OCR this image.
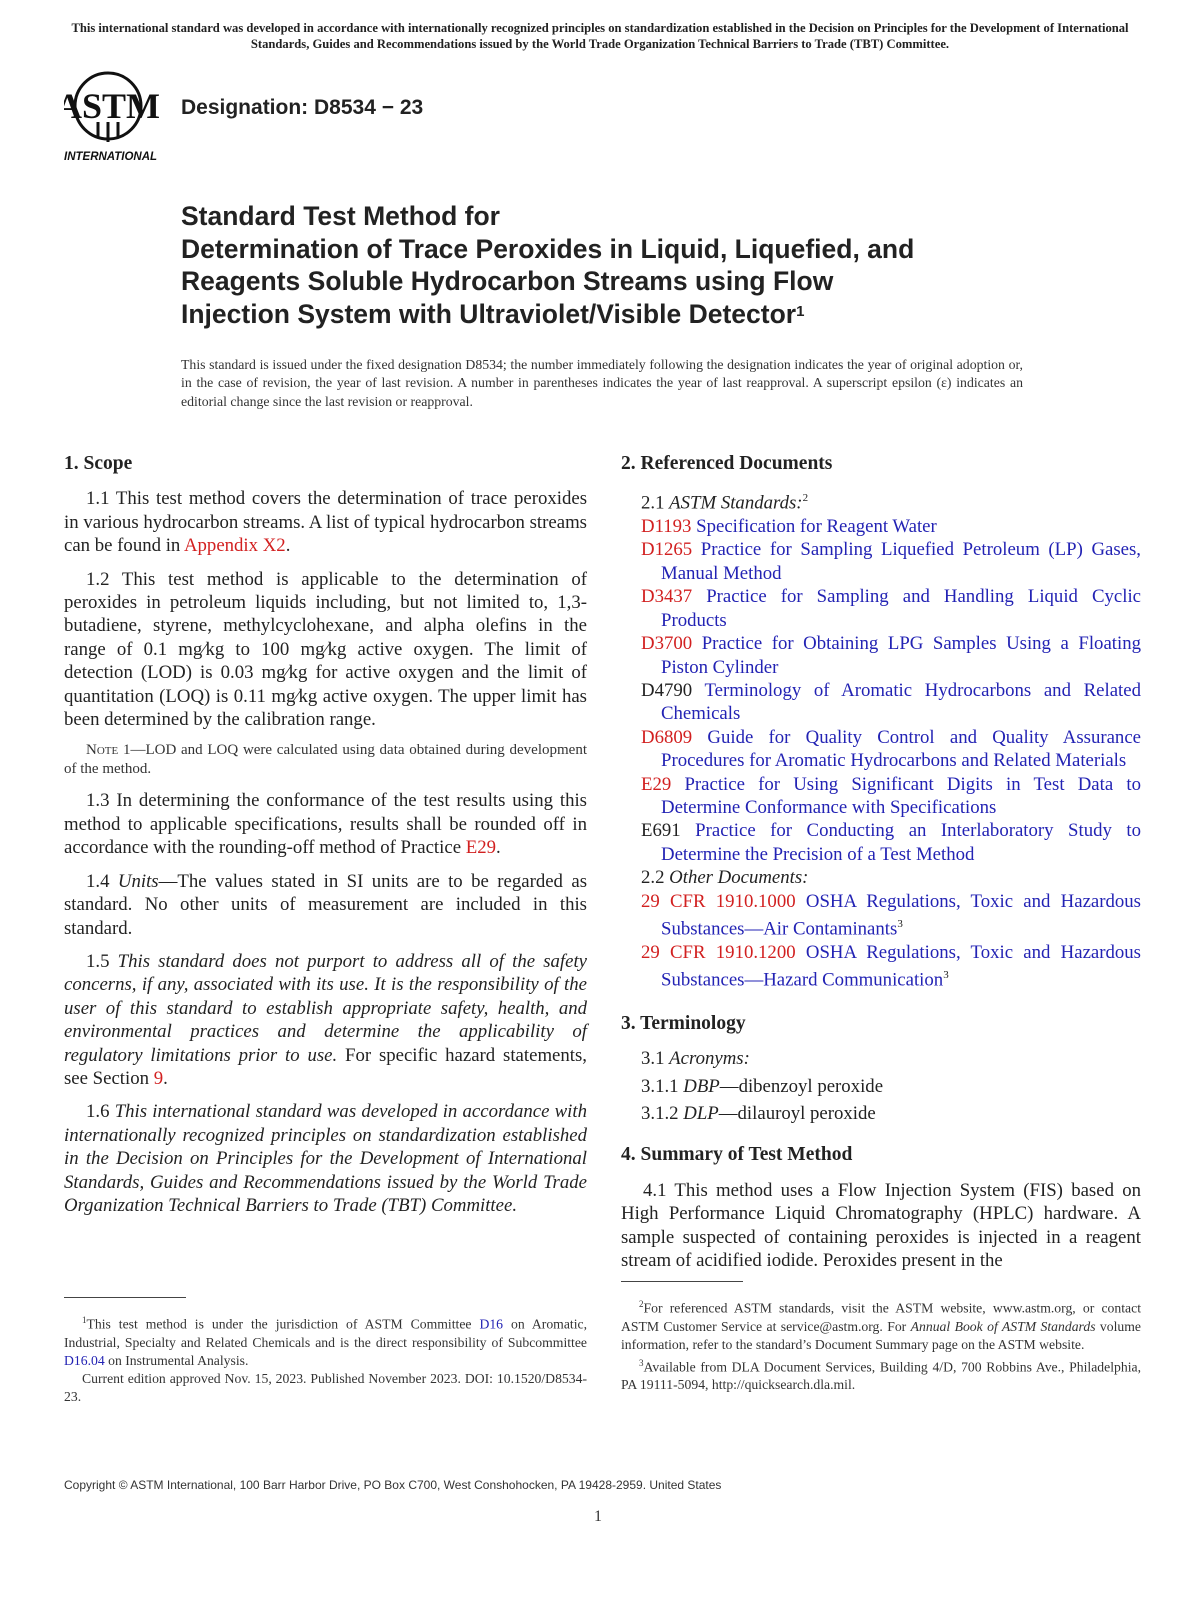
This international standard was developed in accordance with internationally recognized principles on standardization established in the Decision on Principles for the Development of International Standards, Guides and Recommendations issued by the World Trade Organization Technical Barriers to Trade (TBT) Committee.
ASTM
INTERNATIONAL
Designation: D8534 − 23
Standard Test Method for
Determination of Trace Peroxides in Liquid, Liquefied, and
Reagents Soluble Hydrocarbon Streams using Flow
Injection System with Ultraviolet/Visible Detector$^1$
This standard is issued under the fixed designation D8534; the number immediately following the designation indicates the year of original adoption or, in the case of revision, the year of last revision. A number in parentheses indicates the year of last reapproval. A superscript epsilon (ε) indicates an editorial change since the last revision or reapproval.
1. Scope

1.1 This test method covers the determination of trace peroxides in various hydrocarbon streams. A list of typical hydrocarbon streams can be found in Appendix X2.

1.2 This test method is applicable to the determination of peroxides in petroleum liquids including, but not limited to, 1,3-butadiene, styrene, methylcyclohexane, and alpha olefins in the range of 0.1 mg⁄kg to 100 mg⁄kg active oxygen. The limit of detection (LOD) is 0.03 mg⁄kg for active oxygen and the limit of quantitation (LOQ) is 0.11 mg⁄kg active oxygen. The upper limit has been determined by the calibration range.

Note 1—LOD and LOQ were calculated using data obtained during development of the method.

1.3 In determining the conformance of the test results using this method to applicable specifications, results shall be rounded off in accordance with the rounding-off method of Practice E29.

1.4 Units—The values stated in SI units are to be regarded as standard. No other units of measurement are included in this standard.

1.5 This standard does not purport to address all of the safety concerns, if any, associated with its use. It is the responsibility of the user of this standard to establish appropriate safety, health, and environmental practices and determine the applicability of regulatory limitations prior to use. For specific hazard statements, see Section 9.

1.6 This international standard was developed in accordance with internationally recognized principles on standardization established in the Decision on Principles for the Development of International Standards, Guides and Recommendations issued by the World Trade Organization Technical Barriers to Trade (TBT) Committee.

2. Referenced Documents

2.1 ASTM Standards:$^2$

D1193 Specification for Reagent Water

D1265 Practice for Sampling Liquefied Petroleum (LP) Gases, Manual Method

D3437 Practice for Sampling and Handling Liquid Cyclic Products

D3700 Practice for Obtaining LPG Samples Using a Floating Piston Cylinder

D4790 Terminology of Aromatic Hydrocarbons and Related Chemicals

D6809 Guide for Quality Control and Quality Assurance Procedures for Aromatic Hydrocarbons and Related Materials

E29 Practice for Using Significant Digits in Test Data to Determine Conformance with Specifications

E691 Practice for Conducting an Interlaboratory Study to Determine the Precision of a Test Method

2.2 Other Documents:

29 CFR 1910.1000 OSHA Regulations, Toxic and Hazardous Substances—Air Contaminants$^3$

29 CFR 1910.1200 OSHA Regulations, Toxic and Hazardous Substances—Hazard Communication$^3$

3. Terminology

3.1 Acronyms:

3.1.1 DBP—dibenzoyl peroxide

3.1.2 DLP—dilauroyl peroxide

4. Summary of Test Method

4.1 This method uses a Flow Injection System (FIS) based on High Performance Liquid Chromatography (HPLC) hardware. A sample suspected of containing peroxides is injected in a reagent stream of acidified iodide. Peroxides present in the

$^1$This test method is under the jurisdiction of ASTM Committee D16 on Aromatic, Industrial, Specialty and Related Chemicals and is the direct responsibility of Subcommittee D16.04 on Instrumental Analysis.

Current edition approved Nov. 15, 2023. Published November 2023. DOI: 10.1520/D8534-23.

$^2$For referenced ASTM standards, visit the ASTM website, www.astm.org, or contact ASTM Customer Service at service@astm.org. For Annual Book of ASTM Standards volume information, refer to the standard’s Document Summary page on the ASTM website.

$^3$Available from DLA Document Services, Building 4/D, 700 Robbins Ave., Philadelphia, PA 19111-5094, http://quicksearch.dla.mil.

Copyright © ASTM International, 100 Barr Harbor Drive, PO Box C700, West Conshohocken, PA 19428-2959. United States
1
